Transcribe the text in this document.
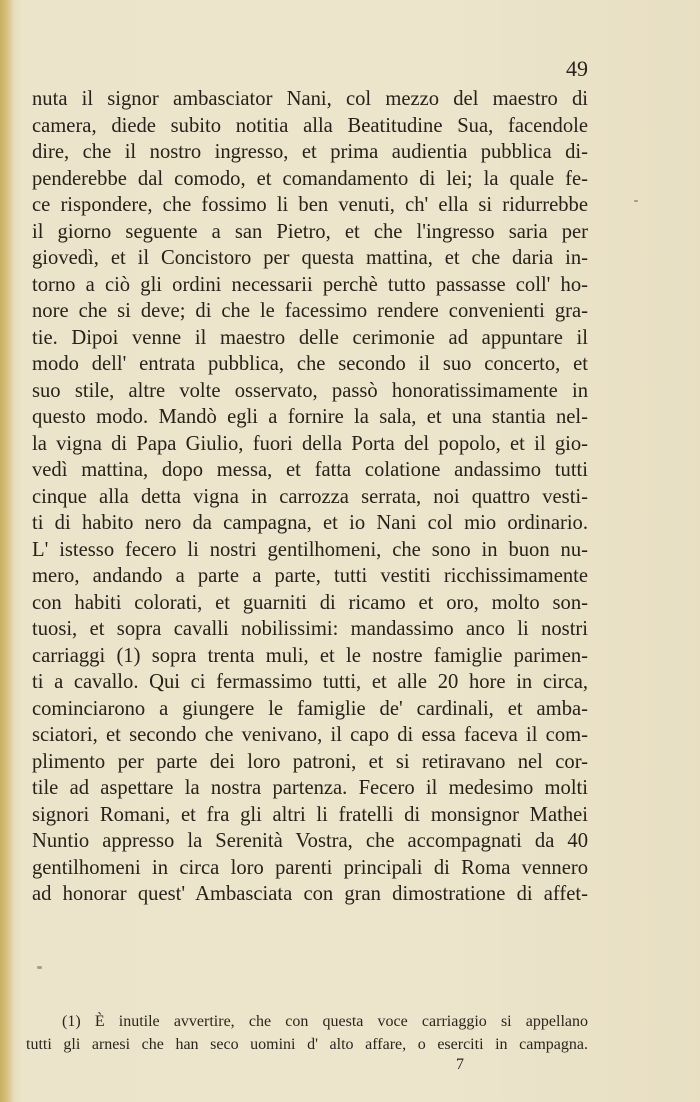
49
nuta il signor ambasciator Nani, col mezzo del maestro di
camera, diede subito notitia alla Beatitudine Sua, facendole
dire, che il nostro ingresso, et prima audientia pubblica di-
penderebbe dal comodo, et comandamento di lei; la quale fe-
ce rispondere, che fossimo li ben venuti, ch' ella si ridurrebbe
il giorno seguente a san Pietro, et che l'ingresso saria per
giovedì, et il Concistoro per questa mattina, et che daria in-
torno a ciò gli ordini necessarii perchè tutto passasse coll' ho-
nore che si deve; di che le facessimo rendere convenienti gra-
tie. Dipoi venne il maestro delle cerimonie ad appuntare il
modo dell' entrata pubblica, che secondo il suo concerto, et
suo stile, altre volte osservato, passò honoratissimamente in
questo modo. Mandò egli a fornire la sala, et una stantia nel-
la vigna di Papa Giulio, fuori della Porta del popolo, et il gio-
vedì mattina, dopo messa, et fatta colatione andassimo tutti
cinque alla detta vigna in carrozza serrata, noi quattro vesti-
ti di habito nero da campagna, et io Nani col mio ordinario.
L' istesso fecero li nostri gentilhomeni, che sono in buon nu-
mero, andando a parte a parte, tutti vestiti ricchissimamente
con habiti colorati, et guarniti di ricamo et oro, molto son-
tuosi, et sopra cavalli nobilissimi: mandassimo anco li nostri
carriaggi (1) sopra trenta muli, et le nostre famiglie parimen-
ti a cavallo. Qui ci fermassimo tutti, et alle 20 hore in circa,
cominciarono a giungere le famiglie de' cardinali, et amba-
sciatori, et secondo che venivano, il capo di essa faceva il com-
plimento per parte dei loro patroni, et si retiravano nel cor-
tile ad aspettare la nostra partenza. Fecero il medesimo molti
signori Romani, et fra gli altri li fratelli di monsignor Mathei
Nuntio appresso la Serenità Vostra, che accompagnati da 40
gentilhomeni in circa loro parenti principali di Roma vennero
ad honorar quest' Ambasciata con gran dimostratione di affet-
(1) È inutile avvertire, che con questa voce carriaggio si appellano
tutti gli arnesi che han seco uomini d' alto affare, o eserciti in campagna.
7
